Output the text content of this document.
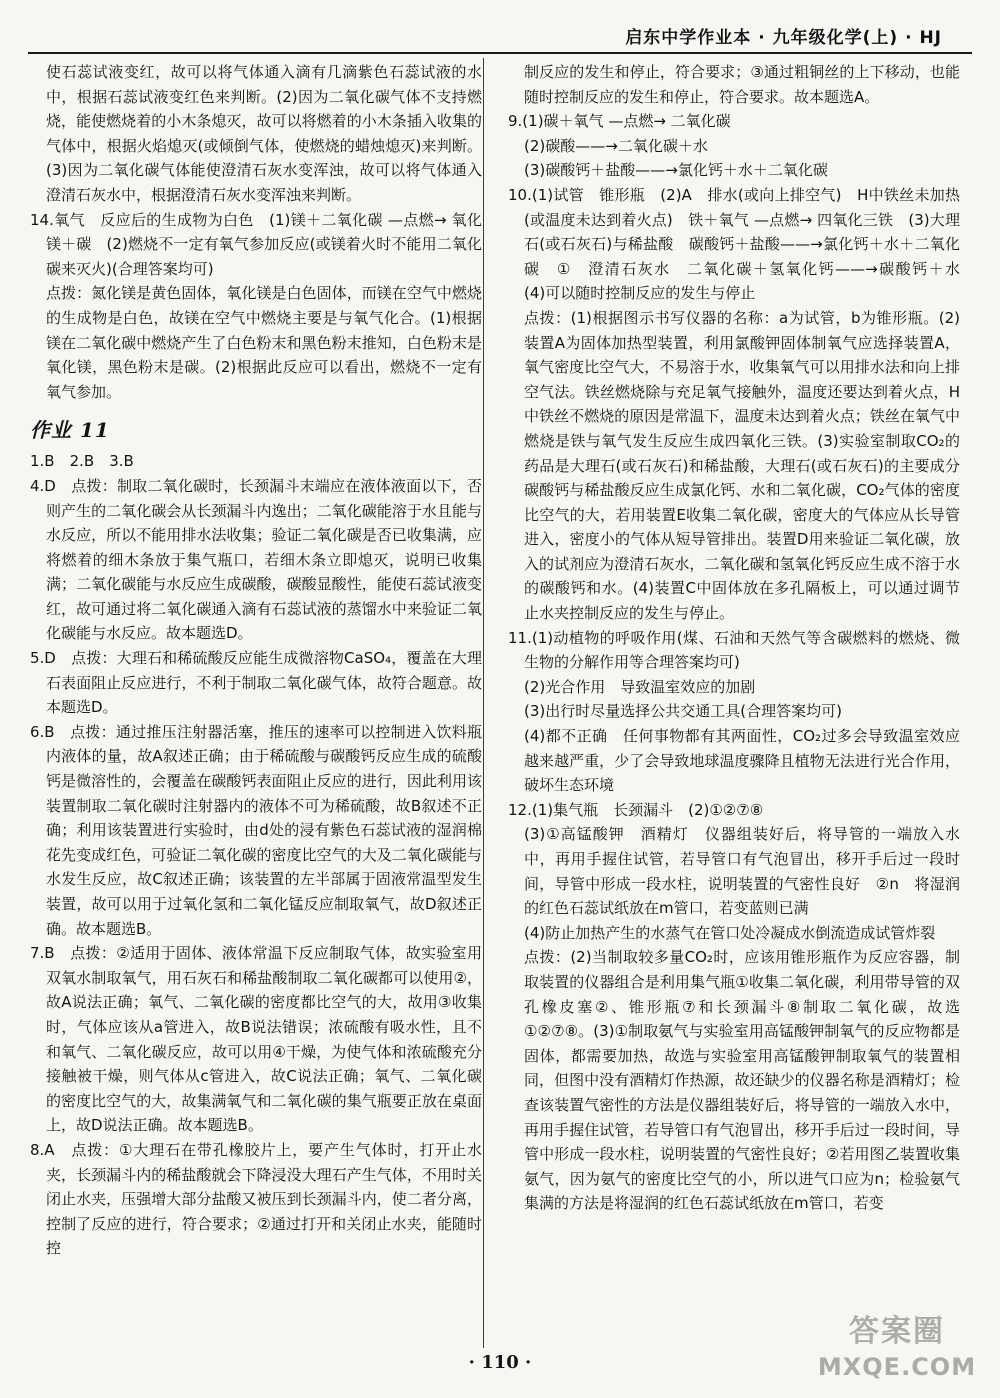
启东中学作业本 · 九年级化学(上) · HJ

使石蕊试液变红，故可以将气体通入滴有几滴紫色石蕊试液的水中，根据石蕊试液变红色来判断。(2)因为二氧化碳气体不支持燃烧，能使燃烧着的小木条熄灭，故可以将燃着的小木条插入收集的气体中，根据火焰熄灭(或倾倒气体，使燃烧的蜡烛熄灭)来判断。(3)因为二氧化碳气体能使澄清石灰水变浑浊，故可以将气体通入澄清石灰水中，根据澄清石灰水变浑浊来判断。

14.氧气　反应后的生成物为白色　(1)镁＋二氧化碳 —点燃→ 氧化镁＋碳　(2)燃烧不一定有氧气参加反应(或镁着火时不能用二氧化碳来灭火)(合理答案均可)

点拨：氮化镁是黄色固体，氧化镁是白色固体，而镁在空气中燃烧的生成物是白色，故镁在空气中燃烧主要是与氧气化合。(1)根据镁在二氧化碳中燃烧产生了白色粉末和黑色粉末推知，白色粉末是氧化镁，黑色粉末是碳。(2)根据此反应可以看出，燃烧不一定有氧气参加。

作业 11

1.B　2.B　3.B

4.D　点拨：制取二氧化碳时，长颈漏斗末端应在液体液面以下，否则产生的二氧化碳会从长颈漏斗内逸出；二氧化碳能溶于水且能与水反应，所以不能用排水法收集；验证二氧化碳是否已收集满，应将燃着的细木条放于集气瓶口，若细木条立即熄灭，说明已收集满；二氧化碳能与水反应生成碳酸，碳酸显酸性，能使石蕊试液变红，故可通过将二氧化碳通入滴有石蕊试液的蒸馏水中来验证二氧化碳能与水反应。故本题选D。

5.D　点拨：大理石和稀硫酸反应能生成微溶物CaSO₄，覆盖在大理石表面阻止反应进行，不利于制取二氧化碳气体，故符合题意。故本题选D。

6.B　点拨：通过推压注射器活塞，推压的速率可以控制进入饮料瓶内液体的量，故A叙述正确；由于稀硫酸与碳酸钙反应生成的硫酸钙是微溶性的，会覆盖在碳酸钙表面阻止反应的进行，因此利用该装置制取二氧化碳时注射器内的液体不可为稀硫酸，故B叙述不正确；利用该装置进行实验时，由d处的浸有紫色石蕊试液的湿润棉花先变成红色，可验证二氧化碳的密度比空气的大及二氧化碳能与水发生反应，故C叙述正确；该装置的左半部属于固液常温型发生装置，故可以用于过氧化氢和二氧化锰反应制取氧气，故D叙述正确。故本题选B。

7.B　点拨：②适用于固体、液体常温下反应制取气体，故实验室用双氧水制取氧气，用石灰石和稀盐酸制取二氧化碳都可以使用②，故A说法正确；氧气、二氧化碳的密度都比空气的大，故用③收集时，气体应该从a管进入，故B说法错误；浓硫酸有吸水性，且不和氧气、二氧化碳反应，故可以用④干燥，为使气体和浓硫酸充分接触被干燥，则气体从c管进入，故C说法正确；氧气、二氧化碳的密度比空气的大，故集满氧气和二氧化碳的集气瓶要正放在桌面上，故D说法正确。故本题选B。

8.A　点拨：①大理石在带孔橡胶片上，要产生气体时，打开止水夹，长颈漏斗内的稀盐酸就会下降浸没大理石产生气体，不用时关闭止水夹，压强增大部分盐酸又被压到长颈漏斗内，使二者分离，控制了反应的进行，符合要求；②通过打开和关闭止水夹，能随时控

制反应的发生和停止，符合要求；③通过粗铜丝的上下移动，也能随时控制反应的发生和停止，符合要求。故本题选A。

9.(1)碳＋氧气 —点燃→ 二氧化碳

(2)碳酸——→二氧化碳＋水

(3)碳酸钙＋盐酸——→氯化钙＋水＋二氧化碳

10.(1)试管　锥形瓶　(2)A　排水(或向上排空气)　H中铁丝未加热(或温度未达到着火点)　铁＋氧气 —点燃→ 四氧化三铁　(3)大理石(或石灰石)与稀盐酸　碳酸钙＋盐酸——→氯化钙＋水＋二氧化碳　①　澄清石灰水　二氧化碳＋氢氧化钙——→碳酸钙＋水　(4)可以随时控制反应的发生与停止

点拨：(1)根据图示书写仪器的名称：a为试管，b为锥形瓶。(2)装置A为固体加热型装置，利用氯酸钾固体制氧气应选择装置A，氧气密度比空气大，不易溶于水，收集氧气可以用排水法和向上排空气法。铁丝燃烧除与充足氧气接触外，温度还要达到着火点，H中铁丝不燃烧的原因是常温下，温度未达到着火点；铁丝在氧气中燃烧是铁与氧气发生反应生成四氧化三铁。(3)实验室制取CO₂的药品是大理石(或石灰石)和稀盐酸，大理石(或石灰石)的主要成分碳酸钙与稀盐酸反应生成氯化钙、水和二氧化碳，CO₂气体的密度比空气的大，若用装置E收集二氧化碳，密度大的气体应从长导管进入，密度小的气体从短导管排出。装置D用来验证二氧化碳，放入的试剂应为澄清石灰水，二氧化碳和氢氧化钙反应生成不溶于水的碳酸钙和水。(4)装置C中固体放在多孔隔板上，可以通过调节止水夹控制反应的发生与停止。

11.(1)动植物的呼吸作用(煤、石油和天然气等含碳燃料的燃烧、微生物的分解作用等合理答案均可)

(2)光合作用　导致温室效应的加剧

(3)出行时尽量选择公共交通工具(合理答案均可)

(4)都不正确　任何事物都有其两面性，CO₂过多会导致温室效应越来越严重，少了会导致地球温度骤降且植物无法进行光合作用，破坏生态环境

12.(1)集气瓶　长颈漏斗　(2)①②⑦⑧

(3)①高锰酸钾　酒精灯　仪器组装好后，将导管的一端放入水中，再用手握住试管，若导管口有气泡冒出，移开手后过一段时间，导管中形成一段水柱，说明装置的气密性良好　②n　将湿润的红色石蕊试纸放在m管口，若变蓝则已满

(4)防止加热产生的水蒸气在管口处冷凝成水倒流造成试管炸裂

点拨：(2)当制取较多量CO₂时，应该用锥形瓶作为反应容器，制取装置的仪器组合是利用集气瓶①收集二氧化碳，利用带导管的双孔橡皮塞②、锥形瓶⑦和长颈漏斗⑧制取二氧化碳，故选①②⑦⑧。(3)①制取氨气与实验室用高锰酸钾制氧气的反应物都是固体，都需要加热，故选与实验室用高锰酸钾制取氧气的装置相同，但图中没有酒精灯作热源，故还缺少的仪器名称是酒精灯；检查该装置气密性的方法是仪器组装好后，将导管的一端放入水中，再用手握住试管，若导管口有气泡冒出，移开手后过一段时间，导管中形成一段水柱，说明装置的气密性良好；②若用图乙装置收集氨气，因为氨气的密度比空气的小，所以进气口应为n；检验氨气集满的方法是将湿润的红色石蕊试纸放在m管口，若变

· 110 ·
答案圈
MXQE.COM
